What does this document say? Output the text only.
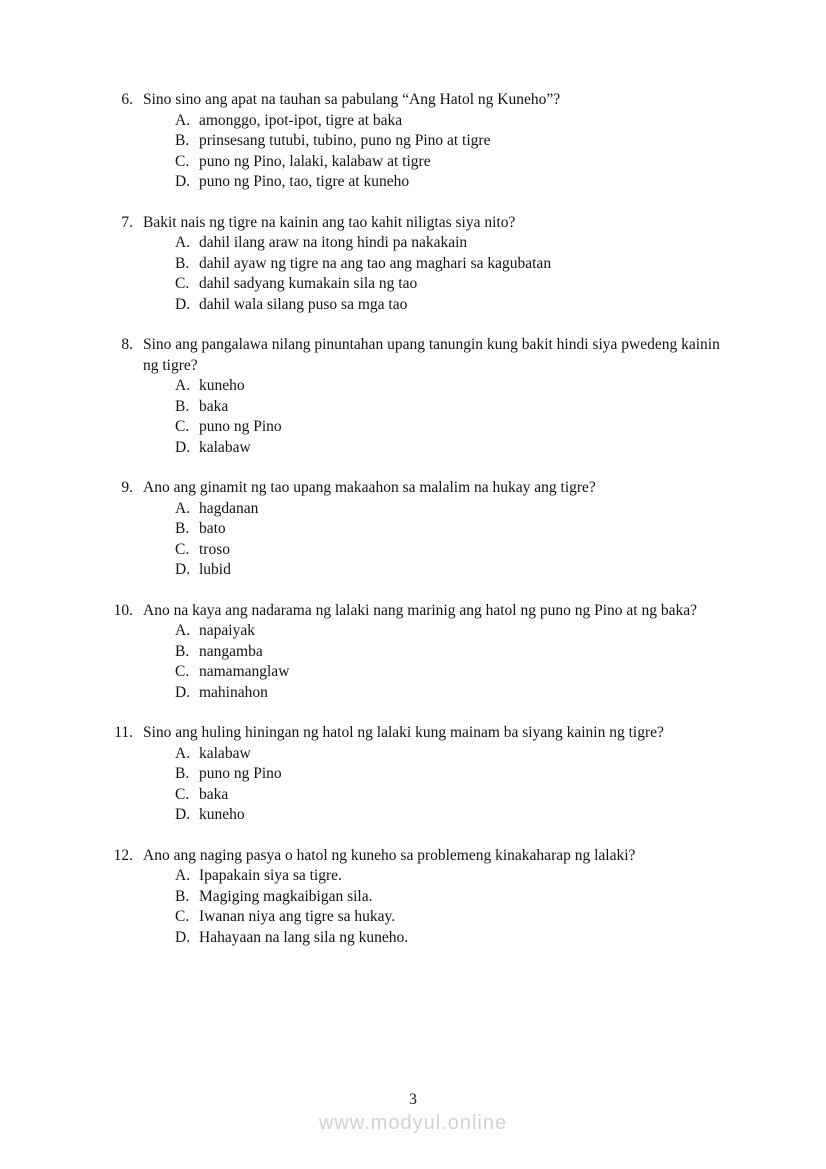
6. Sino sino ang apat na tauhan sa pabulang “Ang Hatol ng Kuneho”?
A. amonggo, ipot-ipot, tigre at baka
B. prinsesang tutubi, tubino, puno ng Pino at tigre
C. puno ng Pino, lalaki, kalabaw at tigre
D. puno ng Pino, tao, tigre at kuneho
7. Bakit nais ng tigre na kainin ang tao kahit niligtas siya nito?
A. dahil ilang araw na itong hindi pa nakakain
B. dahil ayaw ng tigre na ang tao ang maghari sa kagubatan
C. dahil sadyang kumakain sila ng tao
D. dahil wala silang puso sa mga tao
8. Sino ang pangalawa nilang pinuntahan upang tanungin kung bakit hindi siya pwedeng kainin ng tigre?
A. kuneho
B. baka
C. puno ng Pino
D. kalabaw
9. Ano ang ginamit ng tao upang makaahon sa malalim na hukay ang tigre?
A. hagdanan
B. bato
C. troso
D. lubid
10. Ano na kaya ang nadarama ng lalaki nang marinig ang hatol ng puno ng Pino at ng baka?
A. napaiyak
B. nangamba
C. namamanglaw
D. mahinahon
11. Sino ang huling hiningan ng hatol ng lalaki kung mainam ba siyang kainin ng tigre?
A. kalabaw
B. puno ng Pino
C. baka
D. kuneho
12. Ano ang naging pasya o hatol ng kuneho sa problemeng kinakaharap ng lalaki?
A. Ipapakain siya sa tigre.
B. Magiging magkaibigan sila.
C. Iwanan niya ang tigre sa hukay.
D. Hahayaan na lang sila ng kuneho.
3
www.modyul.online
